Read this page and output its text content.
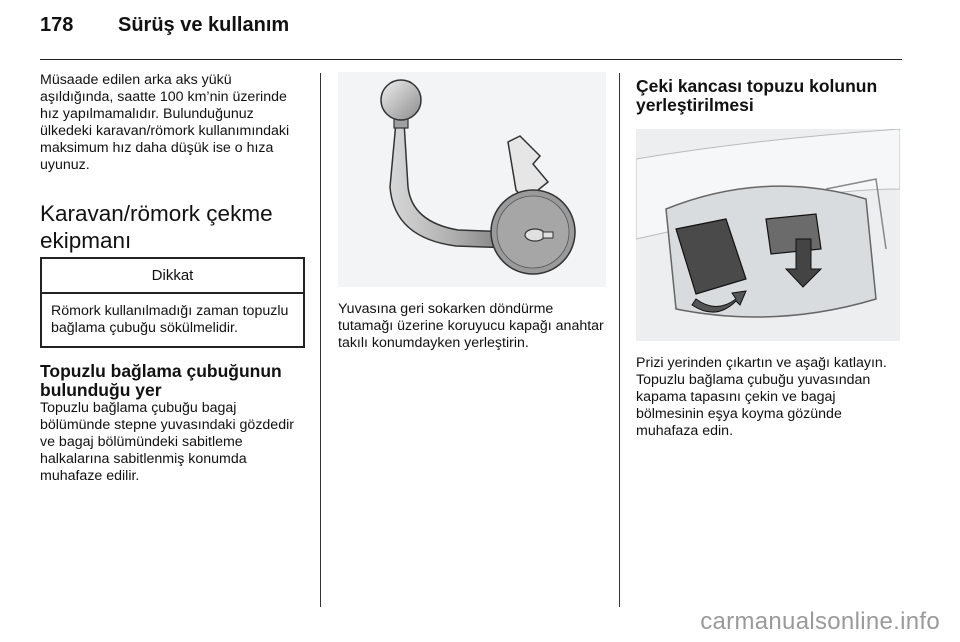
178 Sürüş ve kullanım

Müsaade edilen arka aks yükü aşıldığında, saatte 100 km’nin üzerinde hız yapılmamalıdır. Bulunduğunuz ülkedeki karavan/römork kullanımındaki maksimum hız daha düşük ise o hıza uyunuz.

Karavan/römork çekme ekipmanı
Dikkat

Römork kullanılmadığı zaman topuzlu bağlama çubuğu sökülmelidir.

Topuzlu bağlama çubuğunun bulunduğu yer

Topuzlu bağlama çubuğu bagaj bölümünde stepne yuvasındaki gözdedir ve bagaj bölümündeki sabitleme halkalarına sabitlenmiş konumda muhafaze edilir.

Yuvasına geri sokarken döndürme tutamağı üzerine koruyucu kapağı anahtar takılı konumdayken yerleştirin.

Çeki kancası topuzu kolunun yerleştirilmesi

Prizi yerinden çıkartın ve aşağı katlayın. Topuzlu bağlama çubuğu yuvasından kapama tapasını çekin ve bagaj bölmesinin eşya koyma gözünde muhafaza edin.

carmanualsonline.info
